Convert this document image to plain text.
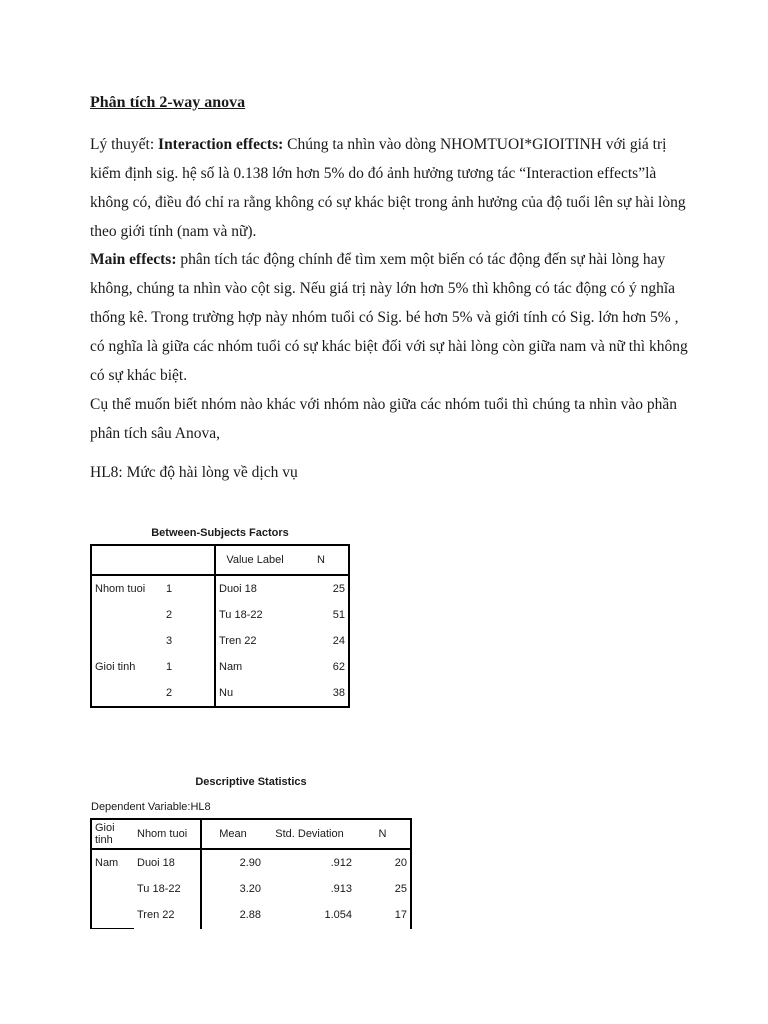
Phân tích 2-way anova

Lý thuyết: Interaction effects: Chúng ta nhìn vào dòng NHOMTUOI*GIOITINH với giá trị kiểm định sig. hệ số là 0.138 lớn hơn 5% do đó ảnh hưởng tương tác “Interaction effects”là không có, điều đó chỉ ra rằng không có sự khác biệt trong ảnh hưởng của độ tuổi lên sự hài lòng theo giới tính (nam và nữ).

Main effects: phân tích tác động chính để tìm xem một biến có tác động đến sự hài lòng hay không, chúng ta nhìn vào cột sig. Nếu giá trị này lớn hơn 5% thì không có tác động có ý nghĩa thống kê. Trong trường hợp này nhóm tuổi có Sig. bé hơn 5% và giới tính có Sig. lớn hơn 5% , có nghĩa là giữa các nhóm tuổi có sự khác biệt đối với sự hài lòng còn giữa nam và nữ thì không có sự khác biệt.

Cụ thể muốn biết nhóm nào khác với nhóm nào giữa các nhóm tuổi thì chúng ta nhìn vào phần phân tích sâu Anova,

HL8: Mức độ hài lòng về dịch vụ

Between-Subjects Factors
		Value Label	N
Nhom tuoi	1	Duoi 18	25
	2	Tu 18-22	51
	3	Tren 22	24
Gioi tinh	1	Nam	62
	2	Nu	38
Descriptive Statistics
Dependent Variable:HL8
Gioi tinh	Nhom tuoi	Mean	Std. Deviation	N
Nam	Duoi 18	2.90	.912	20
	Tu 18-22	3.20	.913	25
	Tren 22	2.88	1.054	17
